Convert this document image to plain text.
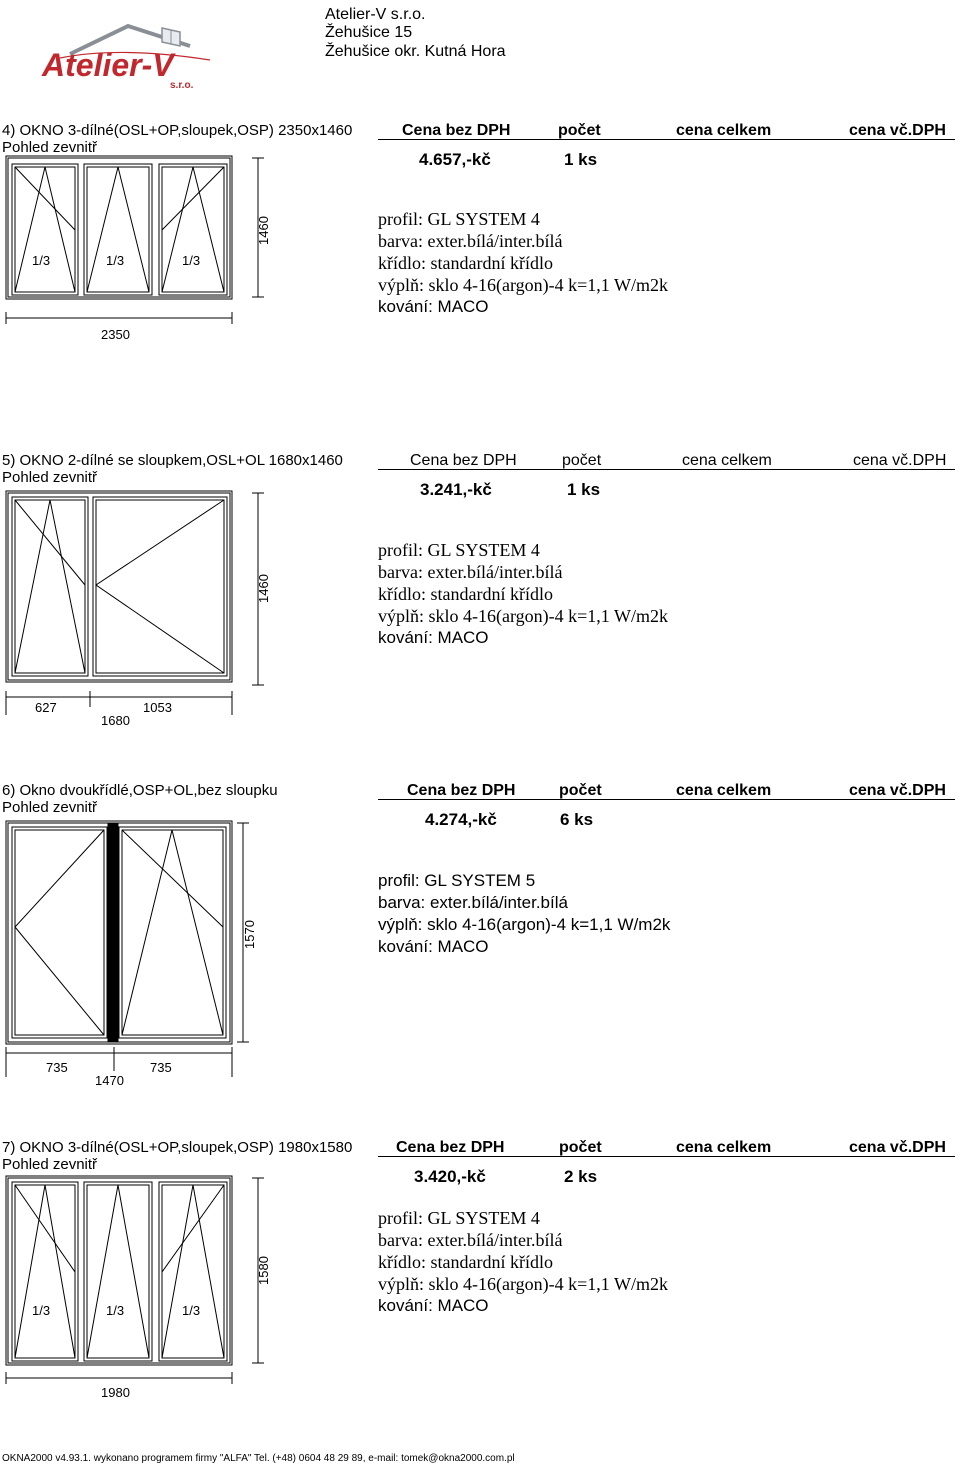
Atelier-V
s.r.o.
Atelier-V s.r.o.
Žehušice 15
Žehušice okr. Kutná Hora
4) OKNO 3-dílné(OSL+OP,sloupek,OSP) 2350x1460
Pohled zevnitř
Cena bez DPH	počet	cena celkem	cena vč.DPH
4.657,-kč	1 ks
profil: GL SYSTEM 4
barva: exter.bílá/inter.bílá
křídlo: standardní křídlo
výplň: sklo 4-16(argon)-4 k=1,1 W/m2k
kování: MACO
1/3	1/3	1/3
1460
2350
5) OKNO 2-dílné se sloupkem,OSL+OL 1680x1460
Pohled zevnitř
Cena bez DPH	počet	cena celkem	cena vč.DPH
3.241,-kč	1 ks
profil: GL SYSTEM 4
barva: exter.bílá/inter.bílá
křídlo: standardní křídlo
výplň: sklo 4-16(argon)-4 k=1,1 W/m2k
kování: MACO
1460
627	1053
1680
6) Okno dvoukřídlé,OSP+OL,bez sloupku
Pohled zevnitř
Cena bez DPH	počet	cena celkem	cena vč.DPH
4.274,-kč	6 ks
profil: GL SYSTEM 5
barva: exter.bílá/inter.bílá
výplň: sklo 4-16(argon)-4 k=1,1 W/m2k
kování: MACO
1570
735	735
1470
7) OKNO 3-dílné(OSL+OP,sloupek,OSP) 1980x1580
Pohled zevnitř
Cena bez DPH	počet	cena celkem	cena vč.DPH
3.420,-kč	2 ks
profil: GL SYSTEM 4
barva: exter.bílá/inter.bílá
křídlo: standardní křídlo
výplň: sklo 4-16(argon)-4 k=1,1 W/m2k
kování: MACO
1/3	1/3	1/3
1580
1980
OKNA2000 v4.93.1. wykonano programem firmy "ALFA" Tel. (+48) 0604 48 29 89, e-mail: tomek@okna2000.com.pl
